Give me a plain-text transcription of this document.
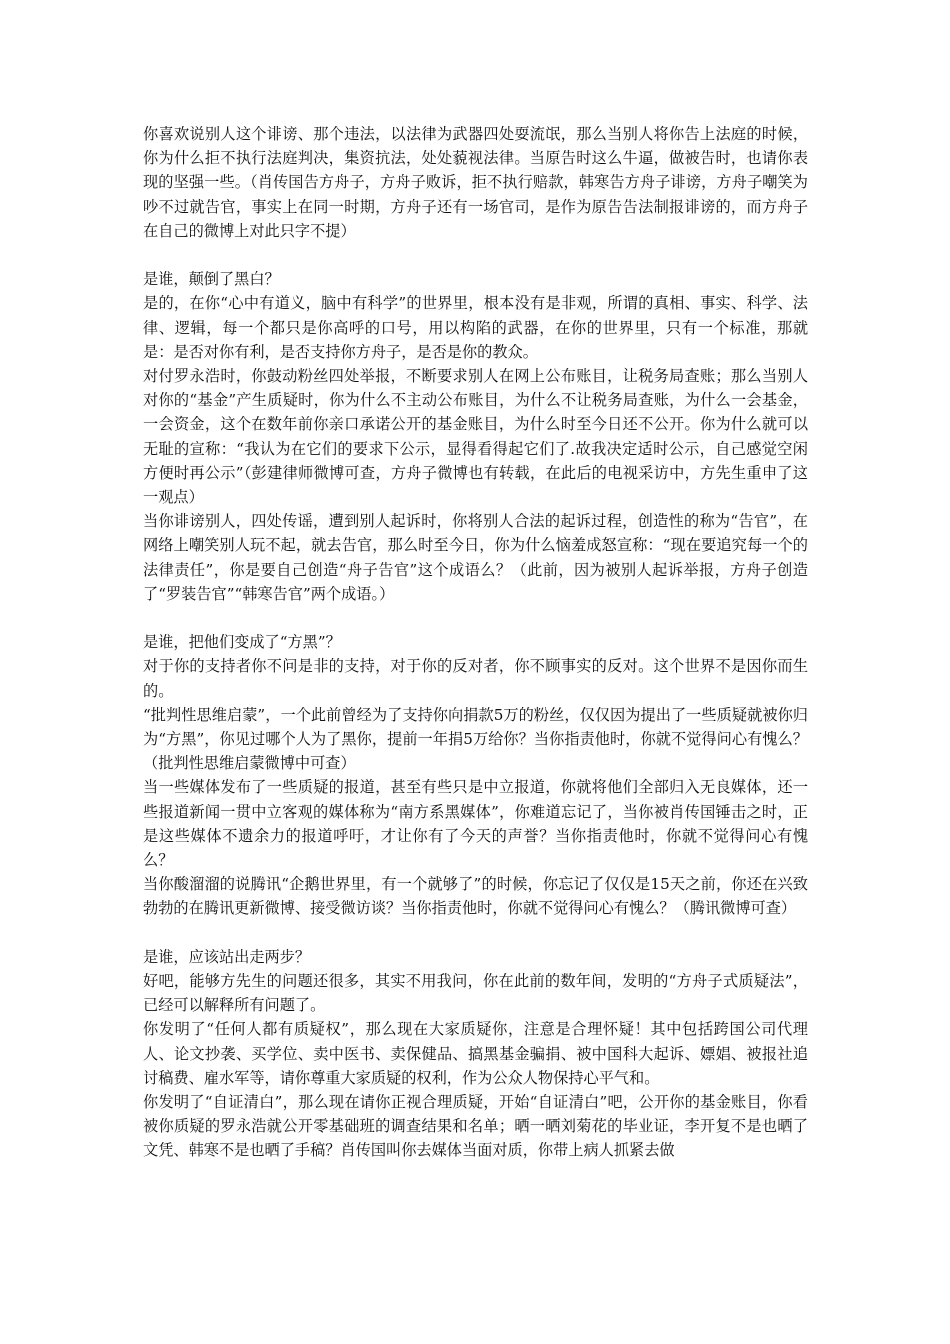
你喜欢说别人这个诽谤、那个违法，以法律为武器四处耍流氓，那么当别人将你告上法庭的时候，你为什么拒不执行法庭判决，集资抗法，处处藐视法律。当原告时这么牛逼，做被告时，也请你表现的坚强一些。（肖传国告方舟子，方舟子败诉，拒不执行赔款，韩寒告方舟子诽谤，方舟子嘲笑为吵不过就告官，事实上在同一时期，方舟子还有一场官司，是作为原告告法制报诽谤的，而方舟子在自己的微博上对此只字不提）

是谁，颠倒了黑白？

是的，在你“心中有道义，脑中有科学”的世界里，根本没有是非观，所谓的真相、事实、科学、法律、逻辑，每一个都只是你高呼的口号，用以构陷的武器，在你的世界里，只有一个标准，那就是：是否对你有利，是否支持你方舟子，是否是你的教众。

对付罗永浩时，你鼓动粉丝四处举报，不断要求别人在网上公布账目，让税务局查账；那么当别人对你的“基金”产生质疑时，你为什么不主动公布账目，为什么不让税务局查账，为什么一会基金，一会资金，这个在数年前你亲口承诺公开的基金账目，为什么时至今日还不公开。你为什么就可以无耻的宣称：“我认为在它们的要求下公示，显得看得起它们了.故我决定适时公示，自己感觉空闲方便时再公示”（彭建律师微博可查，方舟子微博也有转载，在此后的电视采访中，方先生重申了这一观点）

当你诽谤别人，四处传谣，遭到别人起诉时，你将别人合法的起诉过程，创造性的称为“告官”，在网络上嘲笑别人玩不起，就去告官，那么时至今日，你为什么恼羞成怒宣称：“现在要追究每一个的法律责任”，你是要自己创造“舟子告官”这个成语么？（此前，因为被别人起诉举报，方舟子创造了“罗装告官”“韩寒告官”两个成语。）

是谁，把他们变成了“方黑”？

对于你的支持者你不问是非的支持，对于你的反对者，你不顾事实的反对。这个世界不是因你而生的。

“批判性思维启蒙”，一个此前曾经为了支持你向捐款5万的粉丝，仅仅因为提出了一些质疑就被你归为“方黑”，你见过哪个人为了黑你，提前一年捐5万给你？当你指责他时，你就不觉得问心有愧么？（批判性思维启蒙微博中可查）

当一些媒体发布了一些质疑的报道，甚至有些只是中立报道，你就将他们全部归入无良媒体，还一些报道新闻一贯中立客观的媒体称为“南方系黑媒体”，你难道忘记了，当你被肖传国锤击之时，正是这些媒体不遗余力的报道呼吁，才让你有了今天的声誉？当你指责他时，你就不觉得问心有愧么？

当你酸溜溜的说腾讯“企鹅世界里，有一个就够了”的时候，你忘记了仅仅是15天之前，你还在兴致勃勃的在腾讯更新微博、接受微访谈？当你指责他时，你就不觉得问心有愧么？（腾讯微博可查）

是谁，应该站出走两步？

好吧，能够方先生的问题还很多，其实不用我问，你在此前的数年间，发明的“方舟子式质疑法”，已经可以解释所有问题了。

你发明了“任何人都有质疑权”，那么现在大家质疑你，注意是合理怀疑！其中包括跨国公司代理人、论文抄袭、买学位、卖中医书、卖保健品、搞黑基金骗捐、被中国科大起诉、嫖娼、被报社追讨稿费、雇水军等，请你尊重大家质疑的权利，作为公众人物保持心平气和。

你发明了“自证清白”，那么现在请你正视合理质疑，开始“自证清白”吧，公开你的基金账目，你看被你质疑的罗永浩就公开零基础班的调查结果和名单；晒一晒刘菊花的毕业证，李开复不是也晒了文凭、韩寒不是也晒了手稿？肖传国叫你去媒体当面对质，你带上病人抓紧去做
